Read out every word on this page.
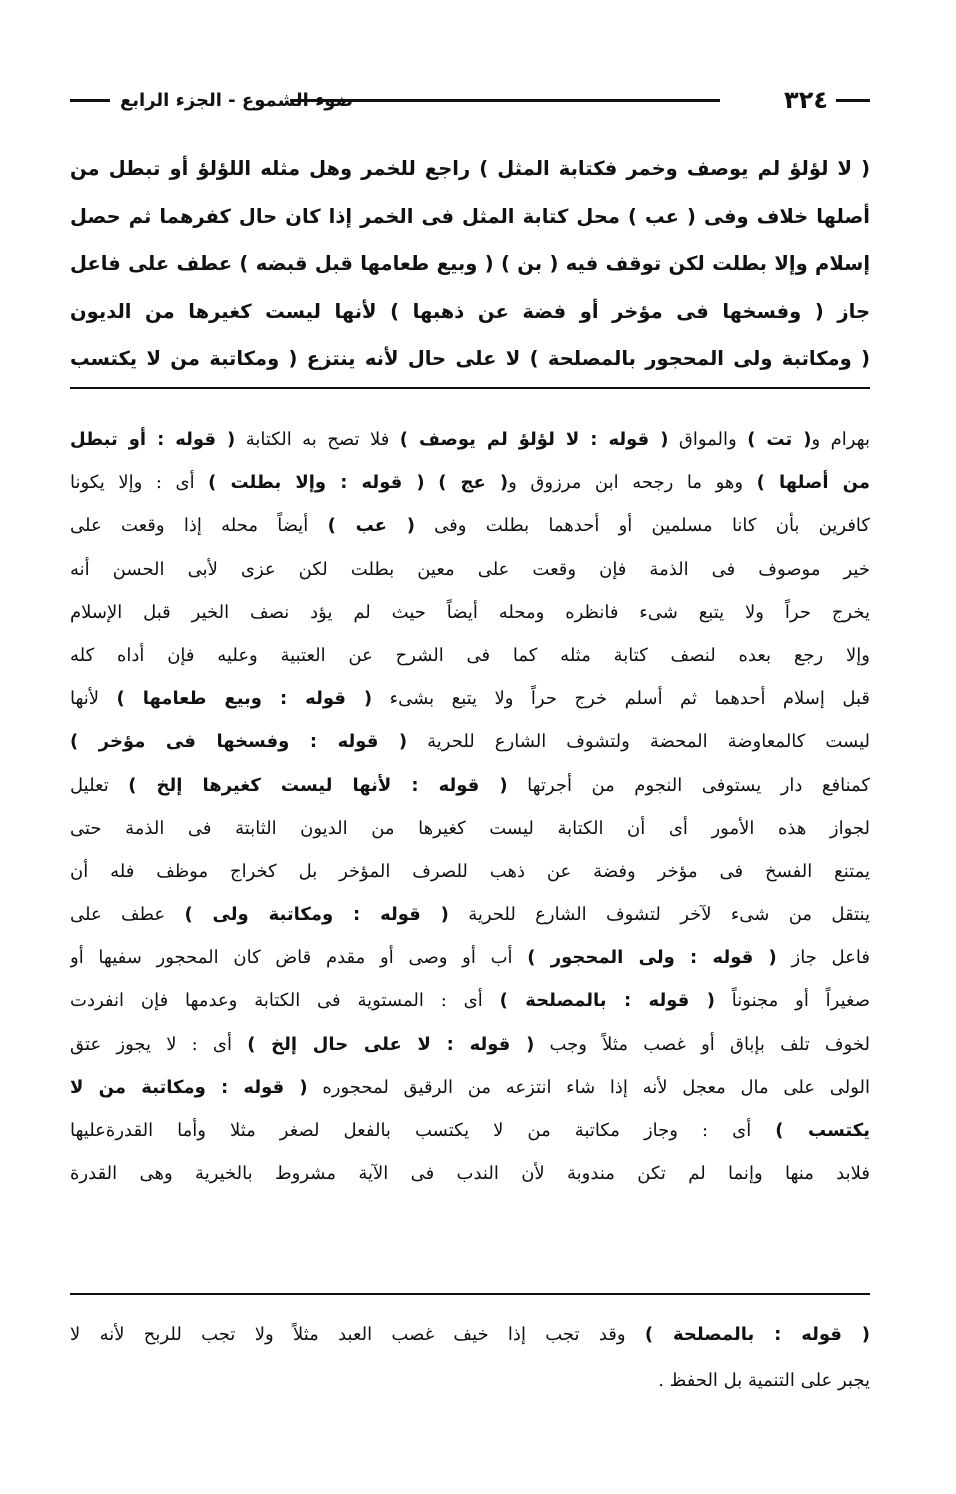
٣٢٤
ضوء الشموع - الجزء الرابع
( لا لؤلؤ لم يوصف وخمر فكتابة المثل ) راجع للخمر وهل مثله اللؤلؤ أو تبطل من
أصلها خلاف وفى ( عب ) محل كتابة المثل فى الخمر إذا كان حال كفرهما ثم حصل
إسلام وإلا بطلت لكن توقف فيه ( بن ) ( وبيع طعامها قبل قبضه ) عطف على فاعل
جاز ( وفسخها فى مؤخر أو فضة عن ذهبها ) لأنها ليست كغيرها من الديون
( ومكاتبة ولى المحجور بالمصلحة ) لا على حال لأنه ينتزع ( ومكاتبة من لا يكتسب
بهرام و( تت ) والمواق ( قوله : لا لؤلؤ لم يوصف ) فلا تصح به الكتابة ( قوله : أو تبطل
من أصلها ) وهو ما رجحه ابن مرزوق و( عج ) ( قوله : وإلا بطلت ) أى : وإلا يكونا
كافرين بأن كانا مسلمين أو أحدهما بطلت وفى ( عب ) أيضاً محله إذا وقعت على
خير موصوف فى الذمة فإن وقعت على معين بطلت لكن عزى لأبى الحسن أنه
يخرج حراً ولا يتبع شىء فانظره ومحله أيضاً حيث لم يؤد نصف الخير قبل الإسلام
وإلا رجع بعده لنصف كتابة مثله كما فى الشرح عن العتبية وعليه فإن أداه كله
قبل إسلام أحدهما ثم أسلم خرج حراً ولا يتبع بشىء ( قوله : وبيع طعامها ) لأنها
ليست كالمعاوضة المحضة ولتشوف الشارع للحرية ( قوله : وفسخها فى مؤخر )
كمنافع دار يستوفى النجوم من أجرتها ( قوله : لأنها ليست كغيرها إلخ ) تعليل
لجواز هذه الأمور أى أن الكتابة ليست كغيرها من الديون الثابتة فى الذمة حتى
يمتنع الفسخ فى مؤخر وفضة عن ذهب للصرف المؤخر بل كخراج موظف فله أن
ينتقل من شىء لآخر لتشوف الشارع للحرية ( قوله : ومكاتبة ولى ) عطف على
فاعل جاز ( قوله : ولى المحجور ) أب أو وصى أو مقدم قاض كان المحجور سفيها أو
صغيراً أو مجنوناً ( قوله : بالمصلحة ) أى : المستوية فى الكتابة وعدمها فإن انفردت
لخوف تلف بإباق أو غصب مثلاً وجب ( قوله : لا على حال إلخ ) أى : لا يجوز عتق
الولى على مال معجل لأنه إذا شاء انتزعه من الرقيق لمحجوره ( قوله : ومكاتبة من لا
يكتسب ) أى : وجاز مكاتبة من لا يكتسب بالفعل لصغر مثلا وأما القدرةعليها
فلابد منها وإنما لم تكن مندوبة لأن الندب فى الآية مشروط بالخيرية وهى القدرة
( قوله : بالمصلحة ) وقد تجب إذا خيف غصب العبد مثلاً ولا تجب للربح لأنه لا
يجبر على التنمية بل الحفظ .
